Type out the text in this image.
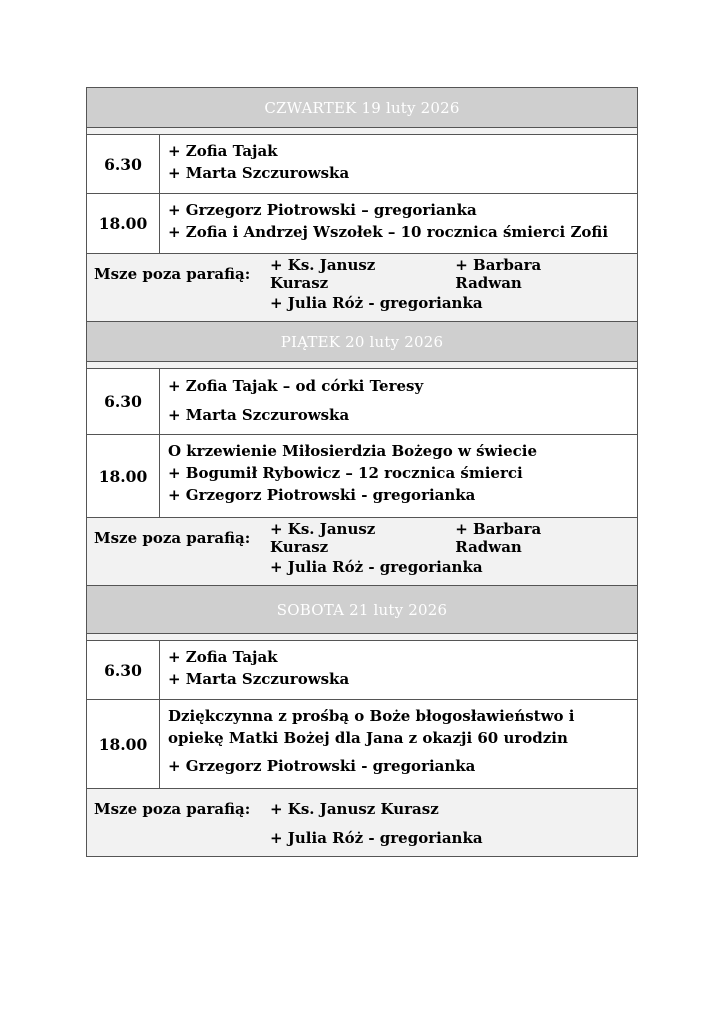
CZWARTEK 19 luty 2026
6.30
+ Zofia Tajak
+ Marta Szczurowska
18.00
+ Grzegorz Piotrowski – gregorianka
+ Zofia i Andrzej Wszołek – 10 rocznica śmierci Zofii
Msze poza parafią:	+ Ks. Janusz Kurasz
+ Barbara Radwan
+ Julia Róż - gregorianka
PIĄTEK 20 luty 2026
6.30
+ Zofia Tajak – od córki Teresy
+ Marta Szczurowska
18.00
O krzewienie Miłosierdzia Bożego w świecie
+ Bogumił Rybowicz – 12 rocznica śmierci
+ Grzegorz Piotrowski - gregorianka
Msze poza parafią:	+ Ks. Janusz Kurasz
+ Barbara Radwan
+ Julia Róż - gregorianka
SOBOTA 21 luty 2026
6.30
+ Zofia Tajak
+ Marta Szczurowska
18.00
Dziękczynna z prośbą o Boże błogosławieństwo i
opiekę Matki Bożej dla Jana z okazji 60 urodzin
+ Grzegorz Piotrowski - gregorianka
Msze poza parafią:	+ Ks. Janusz Kurasz
+ Julia Róż - gregorianka
